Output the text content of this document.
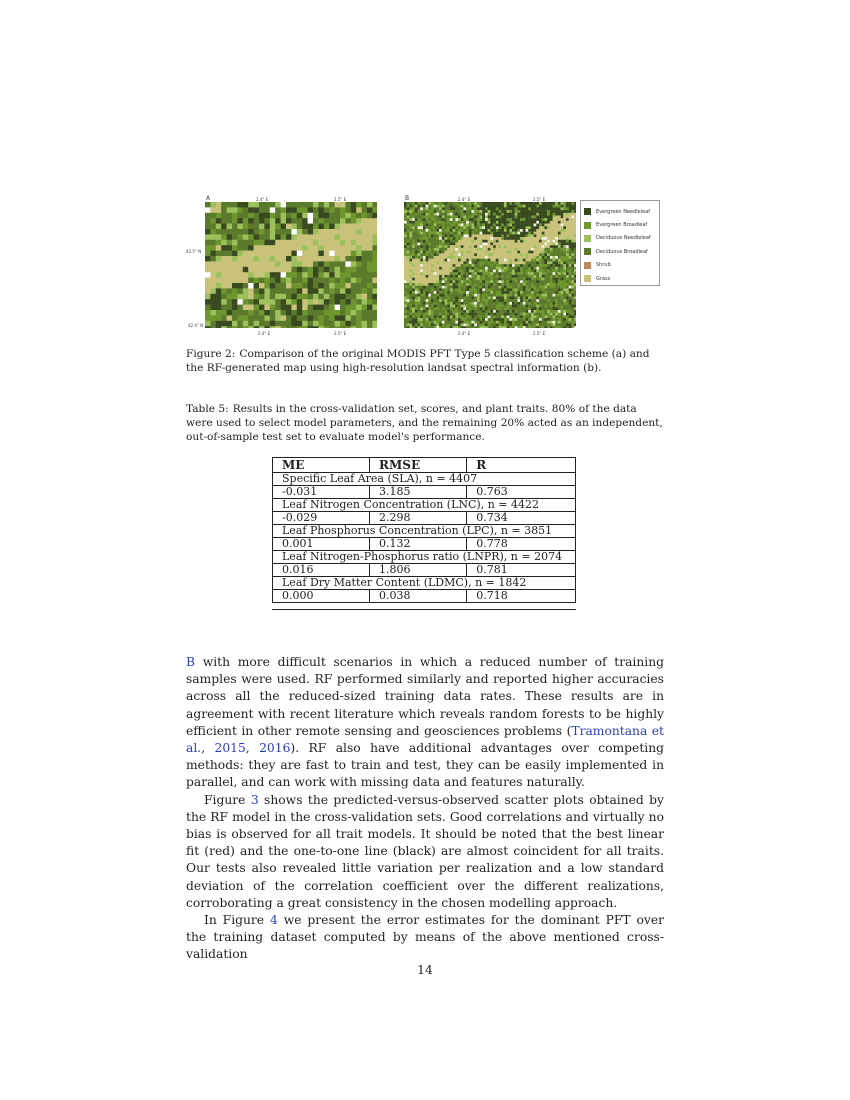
A	2.4° E	2.5° E
42.5° N
42.4° N
2.4° E	2.5° E
B	2.4° E	2.5° E
2.4° E	2.5° E
Evergreen Needleleaf
Evergreen Broadleaf
Deciduous Needleleaf
Deciduous Broadleaf
Shrub
Grass
Figure 2: Comparison of the original MODIS PFT Type 5 classification scheme (a) and the RF-generated map using high-resolution landsat spectral information (b).
Table 5: Results in the cross-validation set, scores, and plant traits. 80% of the data were used to select model parameters, and the remaining 20% acted as an independent, out-of-sample test set to evaluate model's performance.
ME	RMSE	R
Specific Leaf Area (SLA), n = 4407		
-0.031	3.185	0.763
Leaf Nitrogen Concentration (LNC), n = 4422		
-0.029	2.298	0.734
Leaf Phosphorus Concentration (LPC), n = 3851		
0.001	0.132	0.778
Leaf Nitrogen-Phosphorus ratio (LNPR), n = 2074		
0.016	1.806	0.781
Leaf Dry Matter Content (LDMC), n = 1842		
0.000	0.038	0.718

B with more difficult scenarios in which a reduced number of training samples were used. RF performed similarly and reported higher accuracies across all the reduced-sized training data rates. These results are in agreement with recent literature which reveals random forests to be highly efficient in other remote sensing and geosciences problems (Tramontana et al., 2015, 2016). RF also have additional advantages over competing methods: they are fast to train and test, they can be easily implemented in parallel, and can work with missing data and features naturally.

Figure 3 shows the predicted-versus-observed scatter plots obtained by the RF model in the cross-validation sets. Good correlations and virtually no bias is observed for all trait models. It should be noted that the best linear fit (red) and the one-to-one line (black) are almost coincident for all traits. Our tests also revealed little variation per realization and a low standard deviation of the correlation coefficient over the different realizations, corroborating a great consistency in the chosen modelling approach.

In Figure 4 we present the error estimates for the dominant PFT over the training dataset computed by means of the above mentioned cross-validation

14
